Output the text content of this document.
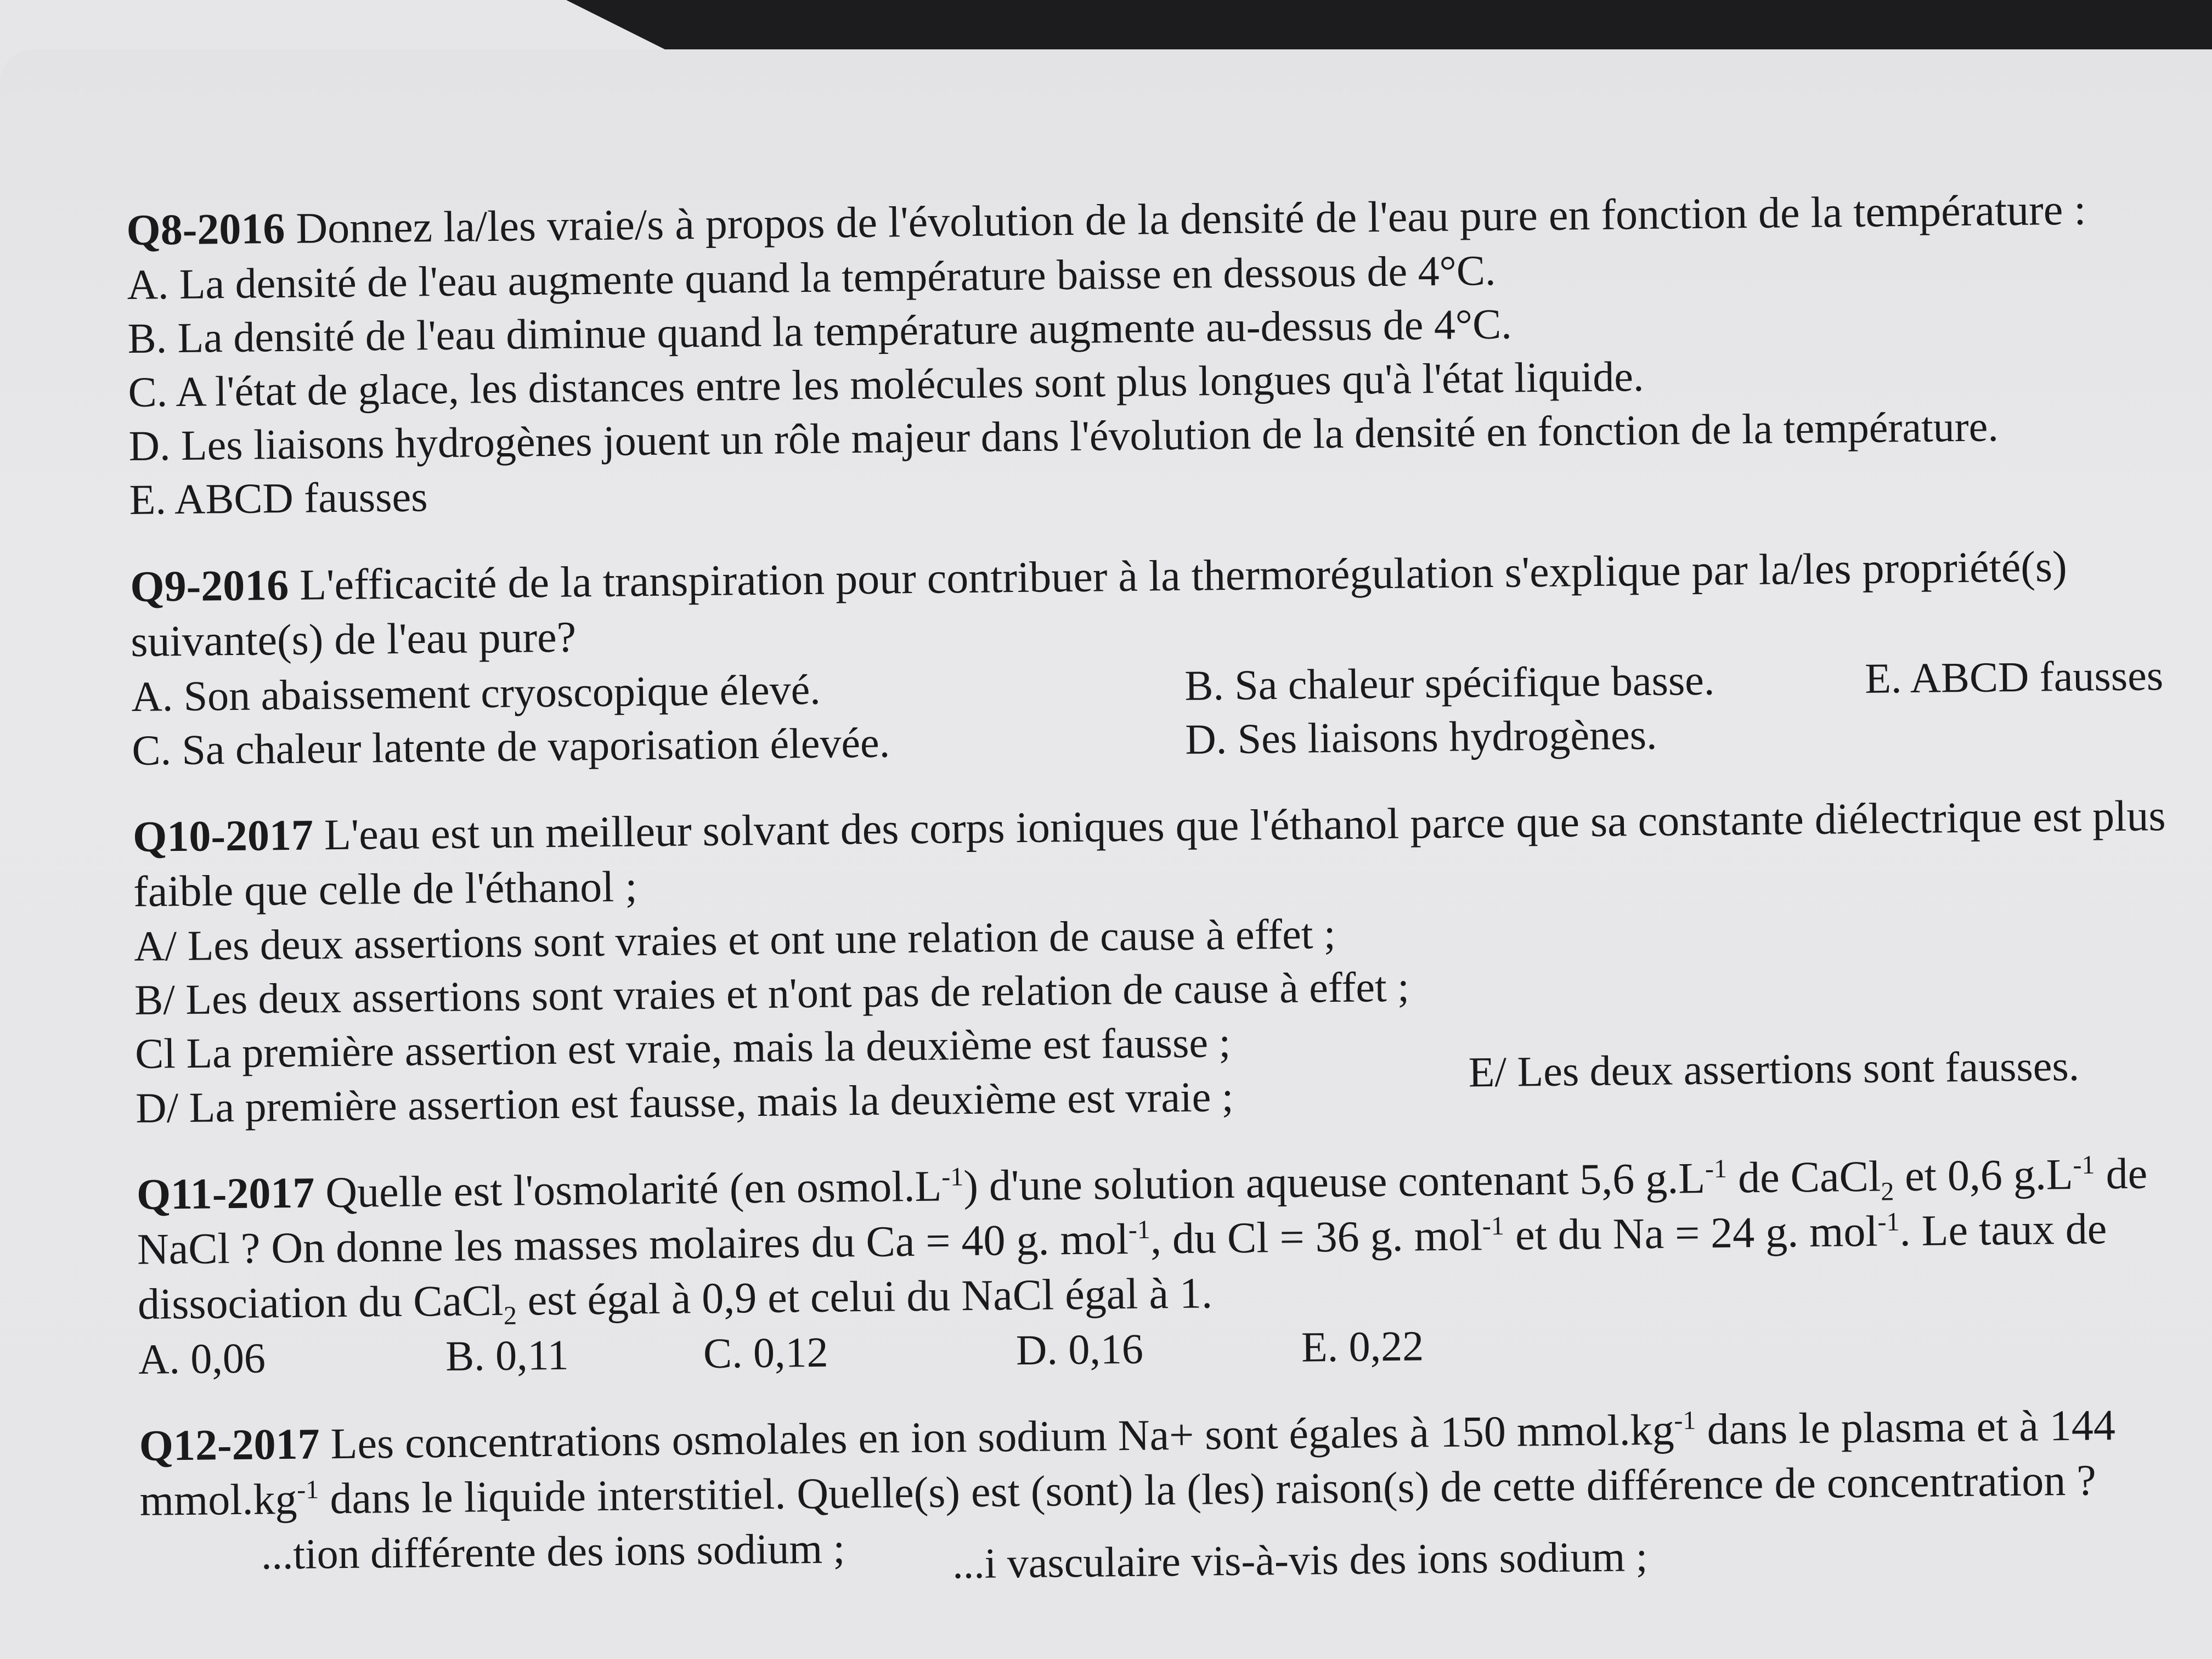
Q8-2016 Donnez la/les vraie/s à propos de l'évolution de la densité de l'eau pure en fonction de la température :
A. La densité de l'eau augmente quand la température baisse en dessous de 4°C.
B. La densité de l'eau diminue quand la température augmente au-dessus de 4°C.
C. A l'état de glace, les distances entre les molécules sont plus longues qu'à l'état liquide.
D. Les liaisons hydrogènes jouent un rôle majeur dans l'évolution de la densité en fonction de la température.
E. ABCD fausses
Q9-2016 L'efficacité de la transpiration pour contribuer à la thermorégulation s'explique par la/les propriété(s) suivante(s) de l'eau pure?
A. Son abaissement cryoscopique élevé.	B. Sa chaleur spécifique basse.	E. ABCD fausses
C. Sa chaleur latente de vaporisation élevée.	D. Ses liaisons hydrogènes.
Q10-2017 L'eau est un meilleur solvant des corps ioniques que l'éthanol parce que sa constante diélectrique est plus faible que celle de l'éthanol ;
A/ Les deux assertions sont vraies et ont une relation de cause à effet ;
B/ Les deux assertions sont vraies et n'ont pas de relation de cause à effet ;
Cl La première assertion est vraie, mais la deuxième est fausse ;
D/ La première assertion est fausse, mais la deuxième est vraie ;
E/ Les deux assertions sont fausses.
Q11-2017 Quelle est l'osmolarité (en $osmol.L^{-1}$) d'une solution aqueuse contenant 5,6 $g.L^{-1}$ de CaCl$_2$ et 0,6 $g.L^{-1}$ de NaCl ? On donne les masses molaires du Ca = 40 g. mol$^{-1}$, du Cl = 36 g. mol$^{-1}$ et du Na = 24 g. mol$^{-1}$. Le taux de dissociation du CaCl$_2$ est égal à 0,9 et celui du NaCl égal à 1.
A. 0,06	B. 0,11	C. 0,12	D. 0,16	E. 0,22
Q12-2017 Les concentrations osmolales en ion sodium Na+ sont égales à 150 $mmol.kg^{-1}$ dans le plasma et à 144 $mmol.kg^{-1}$ dans le liquide interstitiel. Quelle(s) est (sont) la (les) raison(s) de cette différence de concentration ?
...tion différente des ions sodium ; ...i vasculaire vis-à-vis des ions sodium ;
